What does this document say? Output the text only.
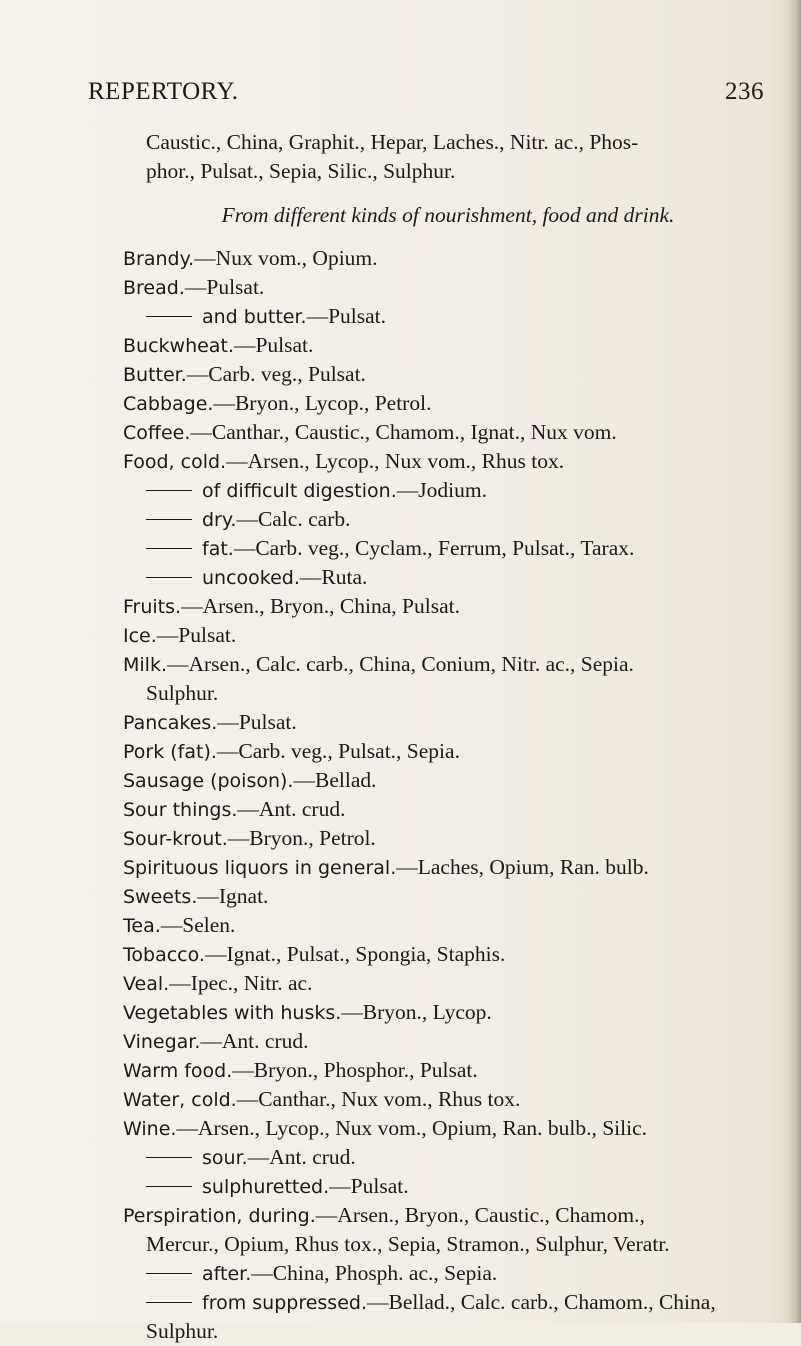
REPERTORY.	236
Caustic., China, Graphit., Hepar, Laches., Nitr. ac., Phos-
phor., Pulsat., Sepia, Silic., Sulphur.
From different kinds of nourishment, food and drink.
Brandy.—Nux vom., Opium.
Bread.—Pulsat.
and butter.—Pulsat.
Buckwheat.—Pulsat.
Butter.—Carb. veg., Pulsat.
Cabbage.—Bryon., Lycop., Petrol.
Coffee.—Canthar., Caustic., Chamom., Ignat., Nux vom.
Food, cold.—Arsen., Lycop., Nux vom., Rhus tox.
of difficult digestion.—Jodium.
dry.—Calc. carb.
fat.—Carb. veg., Cyclam., Ferrum, Pulsat., Tarax.
uncooked.—Ruta.
Fruits.—Arsen., Bryon., China, Pulsat.
Ice.—Pulsat.
Milk.—Arsen., Calc. carb., China, Conium, Nitr. ac., Sepia.
Sulphur.
Pancakes.—Pulsat.
Pork (fat).—Carb. veg., Pulsat., Sepia.
Sausage (poison).—Bellad.
Sour things.—Ant. crud.
Sour-krout.—Bryon., Petrol.
Spirituous liquors in general.—Laches, Opium, Ran. bulb.
Sweets.—Ignat.
Tea.—Selen.
Tobacco.—Ignat., Pulsat., Spongia, Staphis.
Veal.—Ipec., Nitr. ac.
Vegetables with husks.—Bryon., Lycop.
Vinegar.—Ant. crud.
Warm food.—Bryon., Phosphor., Pulsat.
Water, cold.—Canthar., Nux vom., Rhus tox.
Wine.—Arsen., Lycop., Nux vom., Opium, Ran. bulb., Silic.
sour.—Ant. crud.
sulphuretted.—Pulsat.
Perspiration, during.—Arsen., Bryon., Caustic., Chamom.,
Mercur., Opium, Rhus tox., Sepia, Stramon., Sulphur, Veratr.
after.—China, Phosph. ac., Sepia.
from suppressed.—Bellad., Calc. carb., Chamom., China,
Sulphur.
